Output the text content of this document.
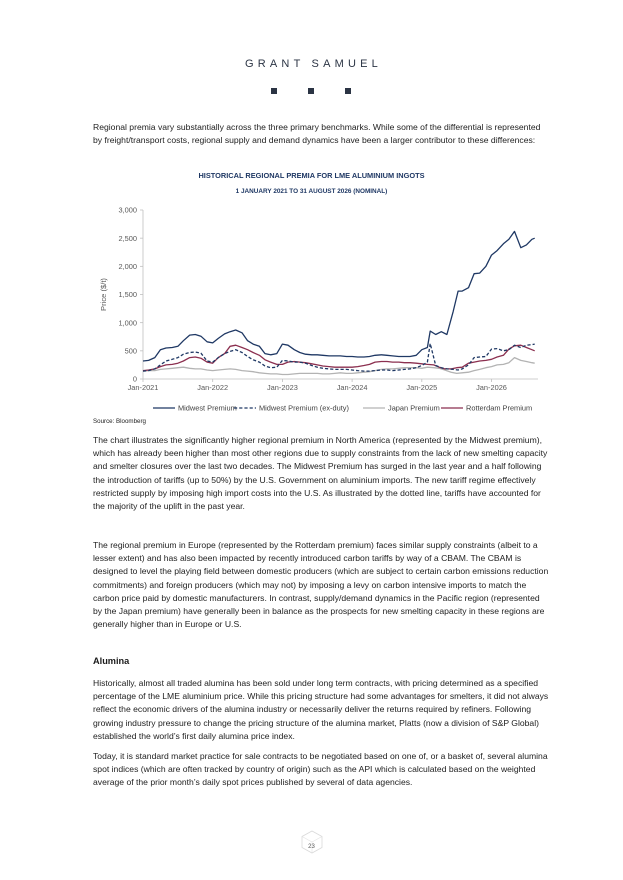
GRANT SAMUEL

Regional premia vary substantially across the three primary benchmarks. While some of the differential is represented by freight/transport costs, regional supply and demand dynamics have been a larger contributor to these differences:

HISTORICAL REGIONAL PREMIA FOR LME ALUMINIUM INGOTS
1 JANUARY 2021 TO 31 AUGUST 2026 (NOMINAL)
0
500
1,000
1,500
2,000
2,500
3,000
Jan-2021	Jan-2022	Jan-2023	Jan-2024	Jan-2025	Jan-2026
Price ($/t)
Midwest Premium	Midwest Premium (ex-duty)	Japan Premium	Rotterdam Premium
Source: Bloomberg

The chart illustrates the significantly higher regional premium in North America (represented by the Midwest premium), which has already been higher than most other regions due to supply constraints from the lack of new smelting capacity and smelter closures over the last two decades. The Midwest Premium has surged in the last year and a half following the introduction of tariffs (up to 50%) by the U.S. Government on aluminium imports. The new tariff regime effectively restricted supply by imposing high import costs into the U.S. As illustrated by the dotted line, tariffs have accounted for the majority of the uplift in the past year.

The regional premium in Europe (represented by the Rotterdam premium) faces similar supply constraints (albeit to a lesser extent) and has also been impacted by recently introduced carbon tariffs by way of a CBAM. The CBAM is designed to level the playing field between domestic producers (which are subject to certain carbon emissions reduction commitments) and foreign producers (which may not) by imposing a levy on carbon intensive imports to match the carbon price paid by domestic manufacturers. In contrast, supply/demand dynamics in the Pacific region (represented by the Japan premium) have generally been in balance as the prospects for new smelting capacity in these regions are generally higher than in Europe or U.S.

Alumina

Historically, almost all traded alumina has been sold under long term contracts, with pricing determined as a specified percentage of the LME aluminium price. While this pricing structure had some advantages for smelters, it did not always reflect the economic drivers of the alumina industry or necessarily deliver the returns required by refiners. Following growing industry pressure to change the pricing structure of the alumina market, Platts (now a division of S&P Global) established the world’s first daily alumina price index.

Today, it is standard market practice for sale contracts to be negotiated based on one of, or a basket of, several alumina spot indices (which are often tracked by country of origin) such as the API which is calculated based on the weighted average of the prior month’s daily spot prices published by several of data agencies.

23
